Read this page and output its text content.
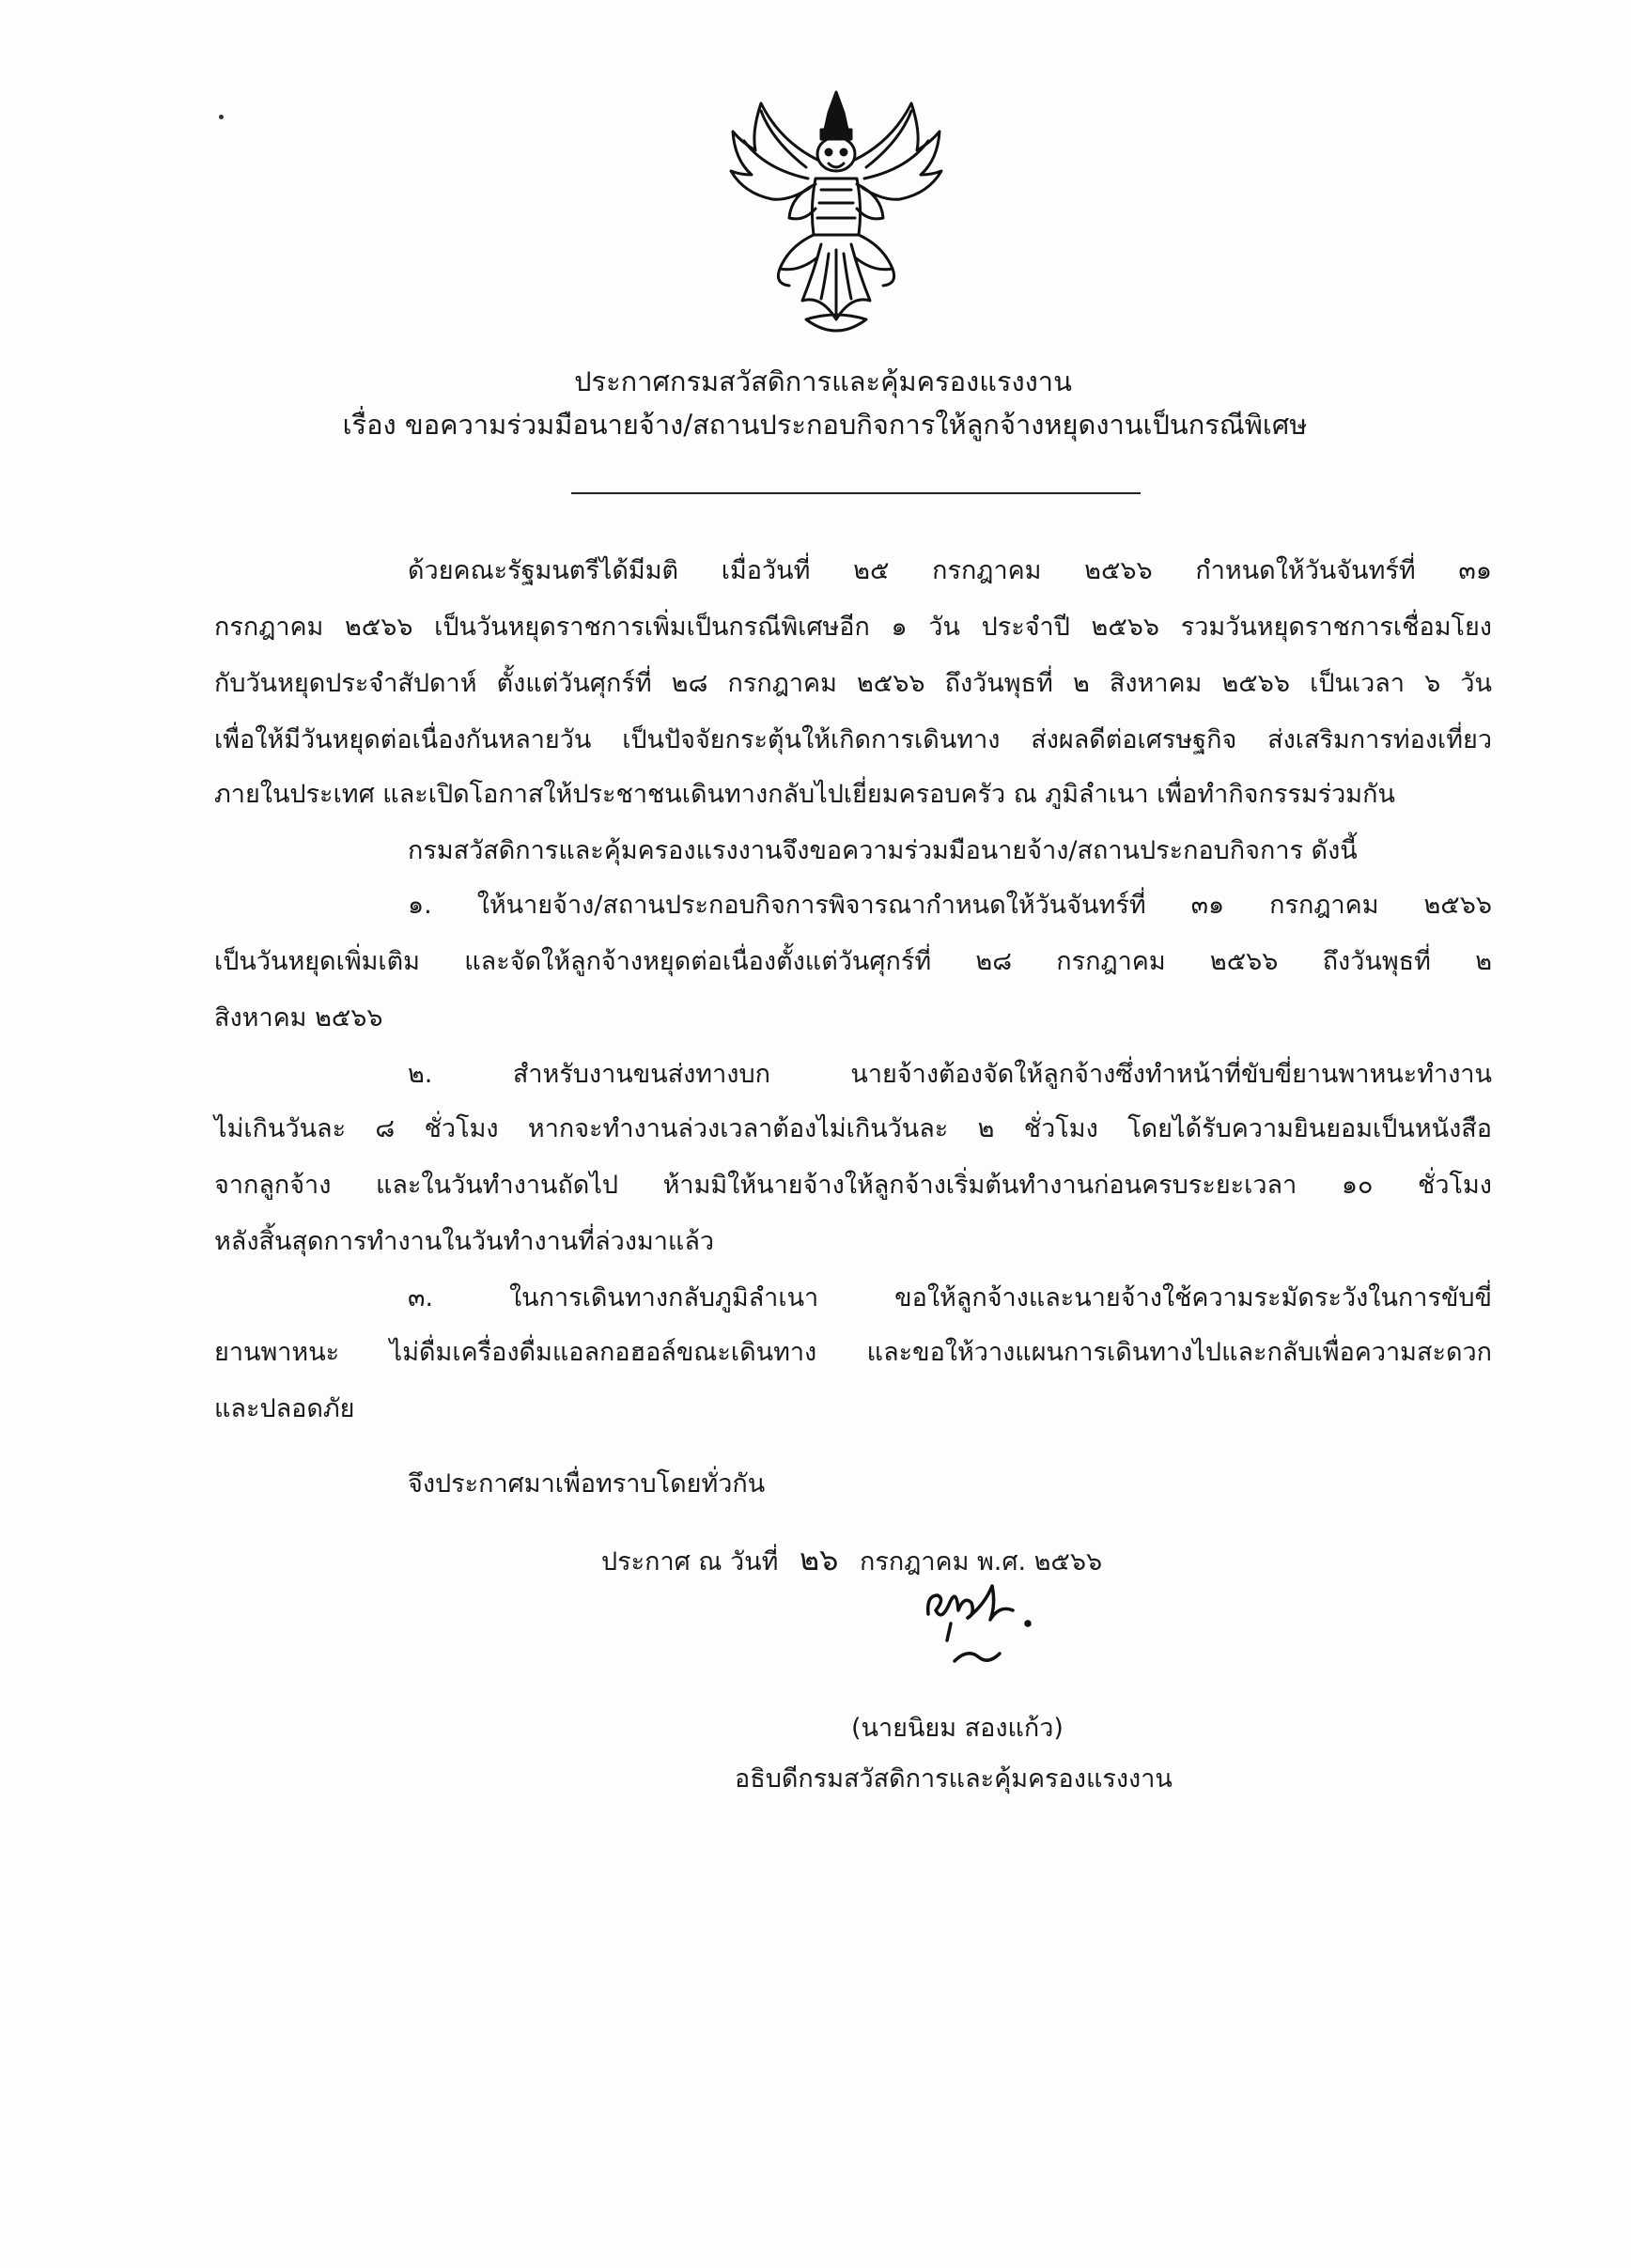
ประกาศกรมสวัสดิการและคุ้มครองแรงงาน
เรื่อง ขอความร่วมมือนายจ้าง/สถานประกอบกิจการให้ลูกจ้างหยุดงานเป็นกรณีพิเศษ
ด้วยคณะรัฐมนตรีได้มีมติ เมื่อวันที่ ๒๕ กรกฎาคม ๒๕๖๖ กำหนดให้วันจันทร์ที่ ๓๑
กรกฎาคม ๒๕๖๖ เป็นวันหยุดราชการเพิ่มเป็นกรณีพิเศษอีก ๑ วัน ประจำปี ๒๕๖๖ รวมวันหยุดราชการเชื่อมโยง
กับวันหยุดประจำสัปดาห์ ตั้งแต่วันศุกร์ที่ ๒๘ กรกฎาคม ๒๕๖๖ ถึงวันพุธที่ ๒ สิงหาคม ๒๕๖๖ เป็นเวลา ๖ วัน
เพื่อให้มีวันหยุดต่อเนื่องกันหลายวัน เป็นปัจจัยกระตุ้นให้เกิดการเดินทาง ส่งผลดีต่อเศรษฐกิจ ส่งเสริมการท่องเที่ยว
ภายในประเทศ และเปิดโอกาสให้ประชาชนเดินทางกลับไปเยี่ยมครอบครัว ณ ภูมิลำเนา เพื่อทำกิจกรรมร่วมกัน
กรมสวัสดิการและคุ้มครองแรงงานจึงขอความร่วมมือนายจ้าง/สถานประกอบกิจการ ดังนี้
๑. ให้นายจ้าง/สถานประกอบกิจการพิจารณากำหนดให้วันจันทร์ที่ ๓๑ กรกฎาคม ๒๕๖๖
เป็นวันหยุดเพิ่มเติม และจัดให้ลูกจ้างหยุดต่อเนื่องตั้งแต่วันศุกร์ที่ ๒๘ กรกฎาคม ๒๕๖๖ ถึงวันพุธที่ ๒
สิงหาคม ๒๕๖๖
๒. สำหรับงานขนส่งทางบก นายจ้างต้องจัดให้ลูกจ้างซึ่งทำหน้าที่ขับขี่ยานพาหนะทำงาน
ไม่เกินวันละ ๘ ชั่วโมง หากจะทำงานล่วงเวลาต้องไม่เกินวันละ ๒ ชั่วโมง โดยได้รับความยินยอมเป็นหนังสือ
จากลูกจ้าง และในวันทำงานถัดไป ห้ามมิให้นายจ้างให้ลูกจ้างเริ่มต้นทำงานก่อนครบระยะเวลา ๑๐ ชั่วโมง
หลังสิ้นสุดการทำงานในวันทำงานที่ล่วงมาแล้ว
๓. ในการเดินทางกลับภูมิลำเนา ขอให้ลูกจ้างและนายจ้างใช้ความระมัดระวังในการขับขี่
ยานพาหนะ ไม่ดื่มเครื่องดื่มแอลกอฮอล์ขณะเดินทาง และขอให้วางแผนการเดินทางไปและกลับเพื่อความสะดวก
และปลอดภัย
จึงประกาศมาเพื่อทราบโดยทั่วกัน
ประกาศ ณ วันที่ ๒๖ กรกฎาคม พ.ศ. ๒๕๖๖
(นายนิยม สองแก้ว)
อธิบดีกรมสวัสดิการและคุ้มครองแรงงาน
